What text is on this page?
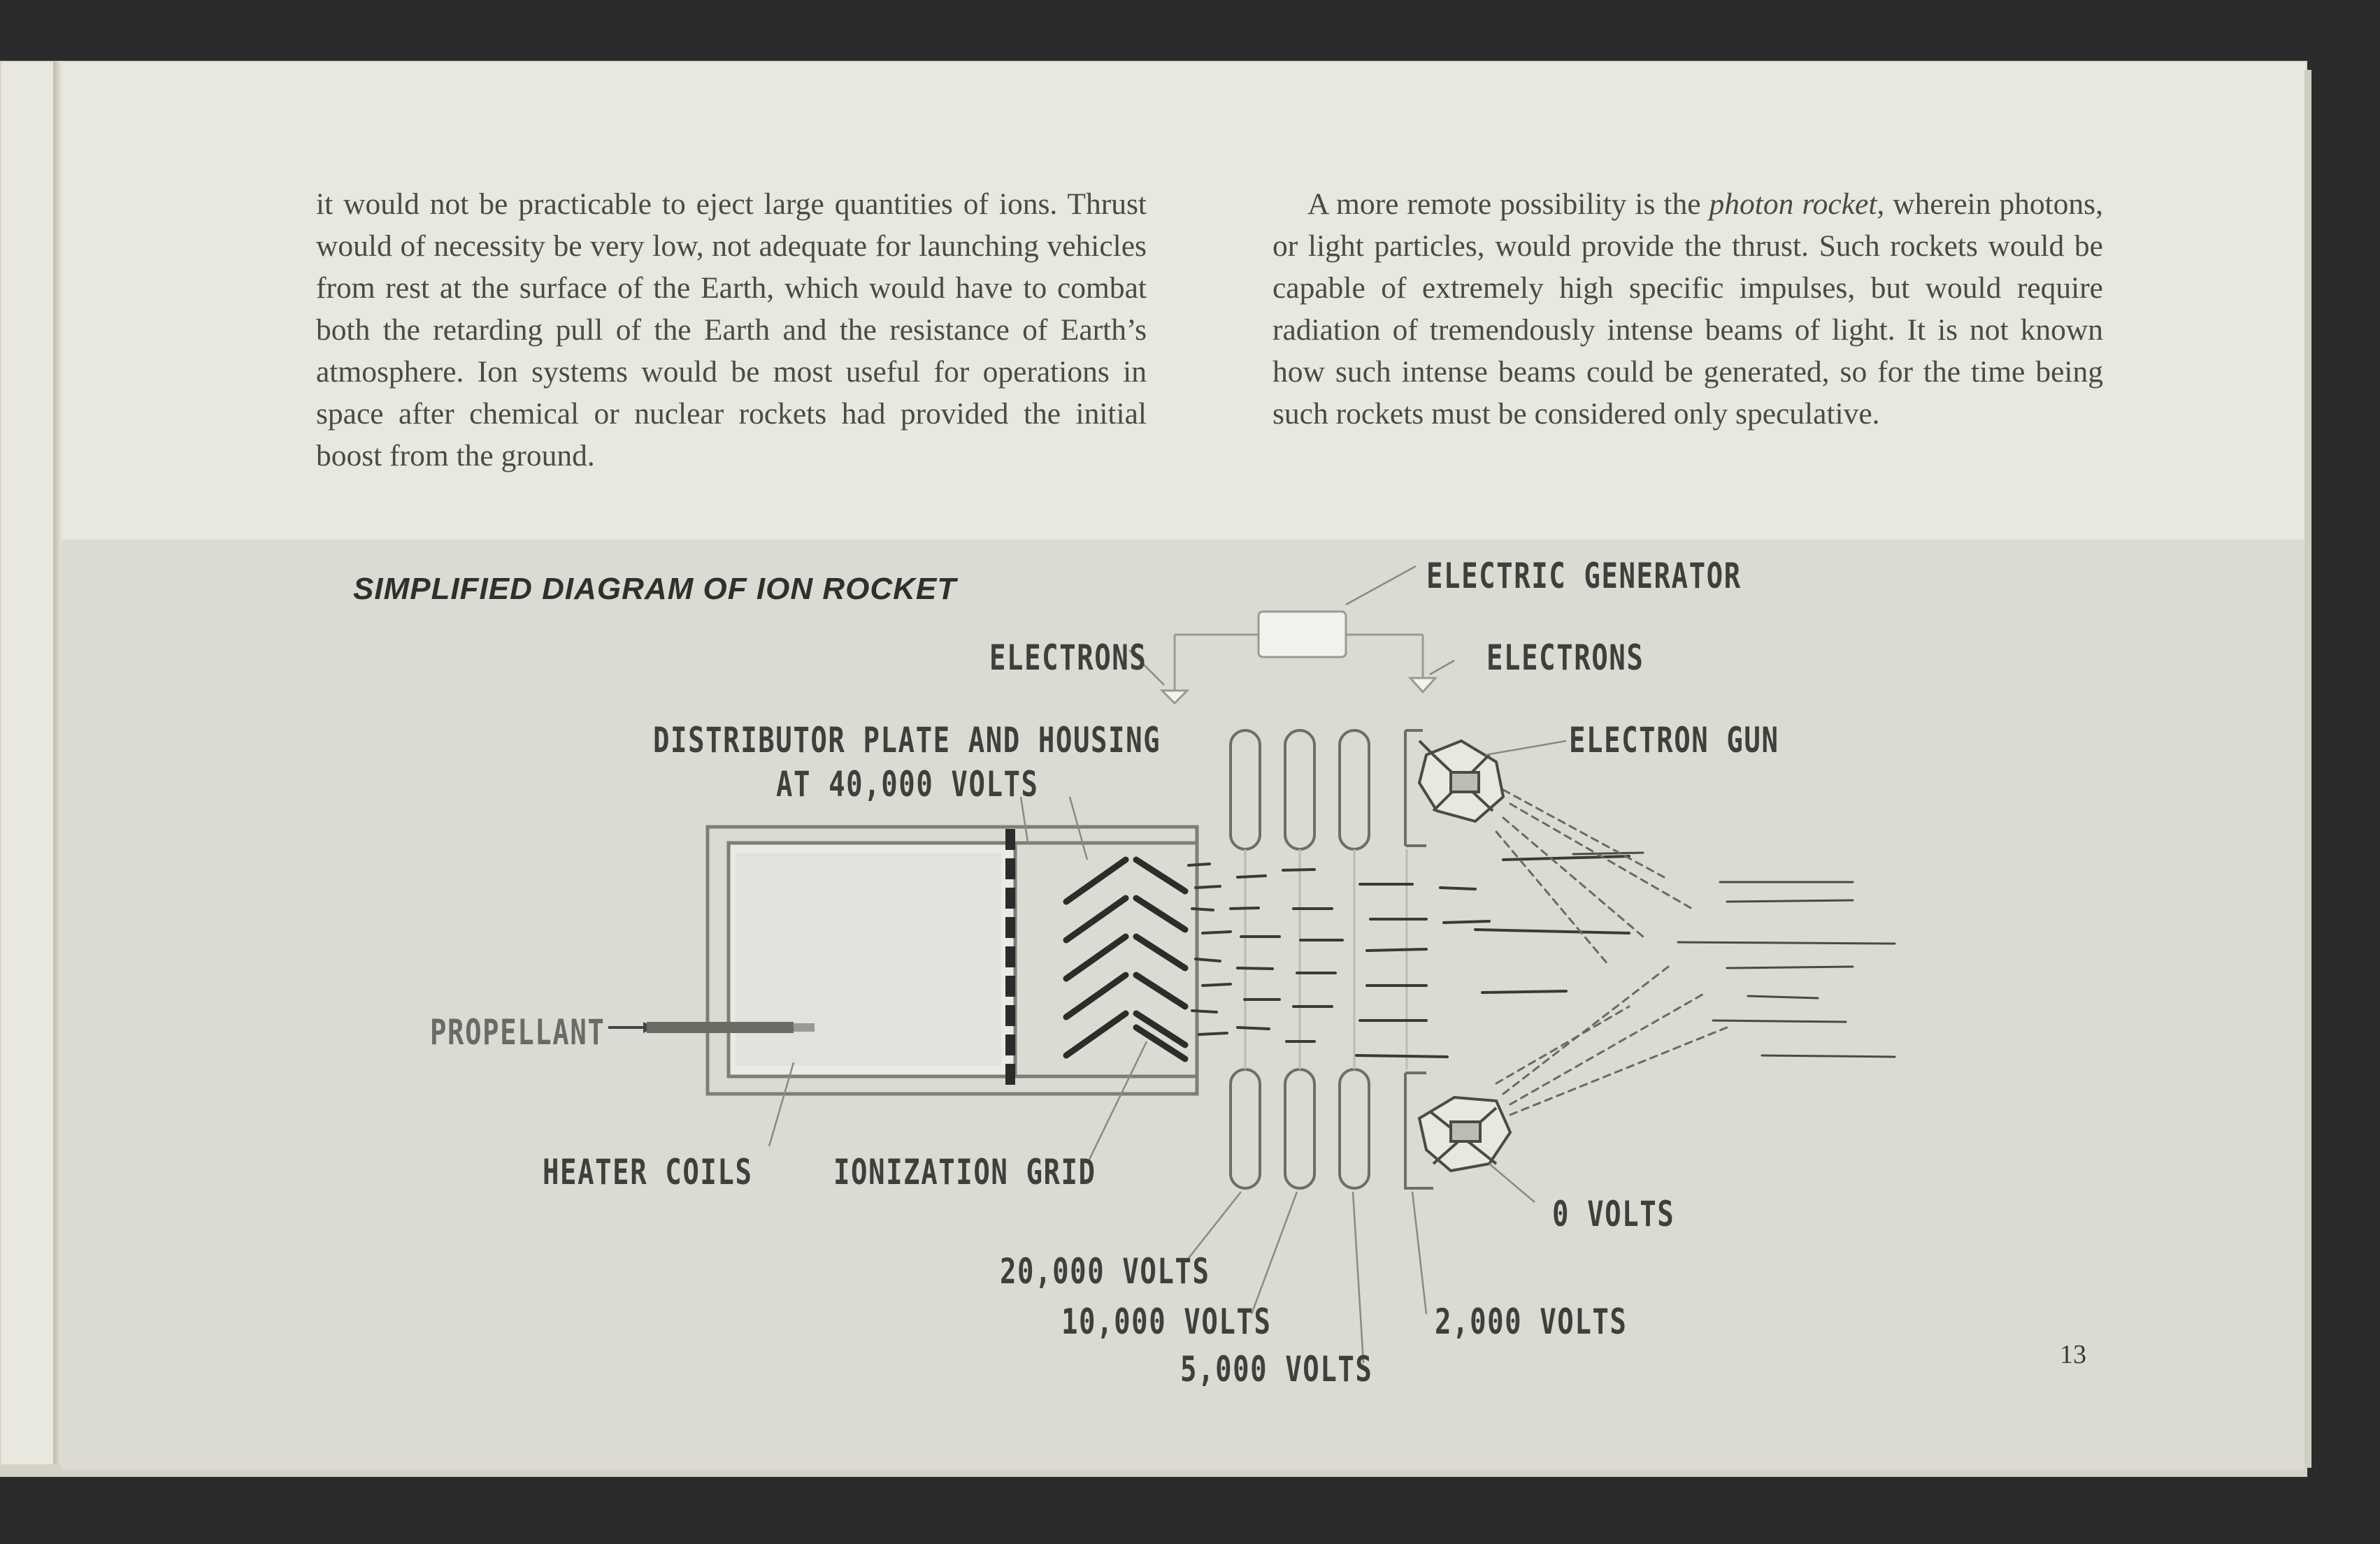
it would not be practicable to eject large quantities of ions. Thrust would of necessity be very low, not adequate for launching vehicles from rest at the surface of the Earth, which would have to combat both the retarding pull of the Earth and the resistance of Earth’s atmosphere. Ion systems would be most useful for operations in space after chemical or nuclear rockets had provided the initial boost from the ground.

A more remote possibility is the photon rocket, wherein photons, or light particles, would provide the thrust. Such rockets would be capable of extremely high specific impulses, but would require radiation of tremendously intense beams of light. It is not known how such intense beams could be generated, so for the time being such rockets must be considered only speculative.

SIMPLIFIED DIAGRAM OF ION ROCKET	ELECTRIC GENERATOR
ELECTRONS	ELECTRONS
ELECTRON GUN
DISTRIBUTOR PLATE AND HOUSING
AT 40,000 VOLTS
PROPELLANT
HEATER COILS IONIZATION GRID
0 VOLTS
20,000 VOLTS
10,000 VOLTS
5,000 VOLTS
2,000 VOLTS
13
